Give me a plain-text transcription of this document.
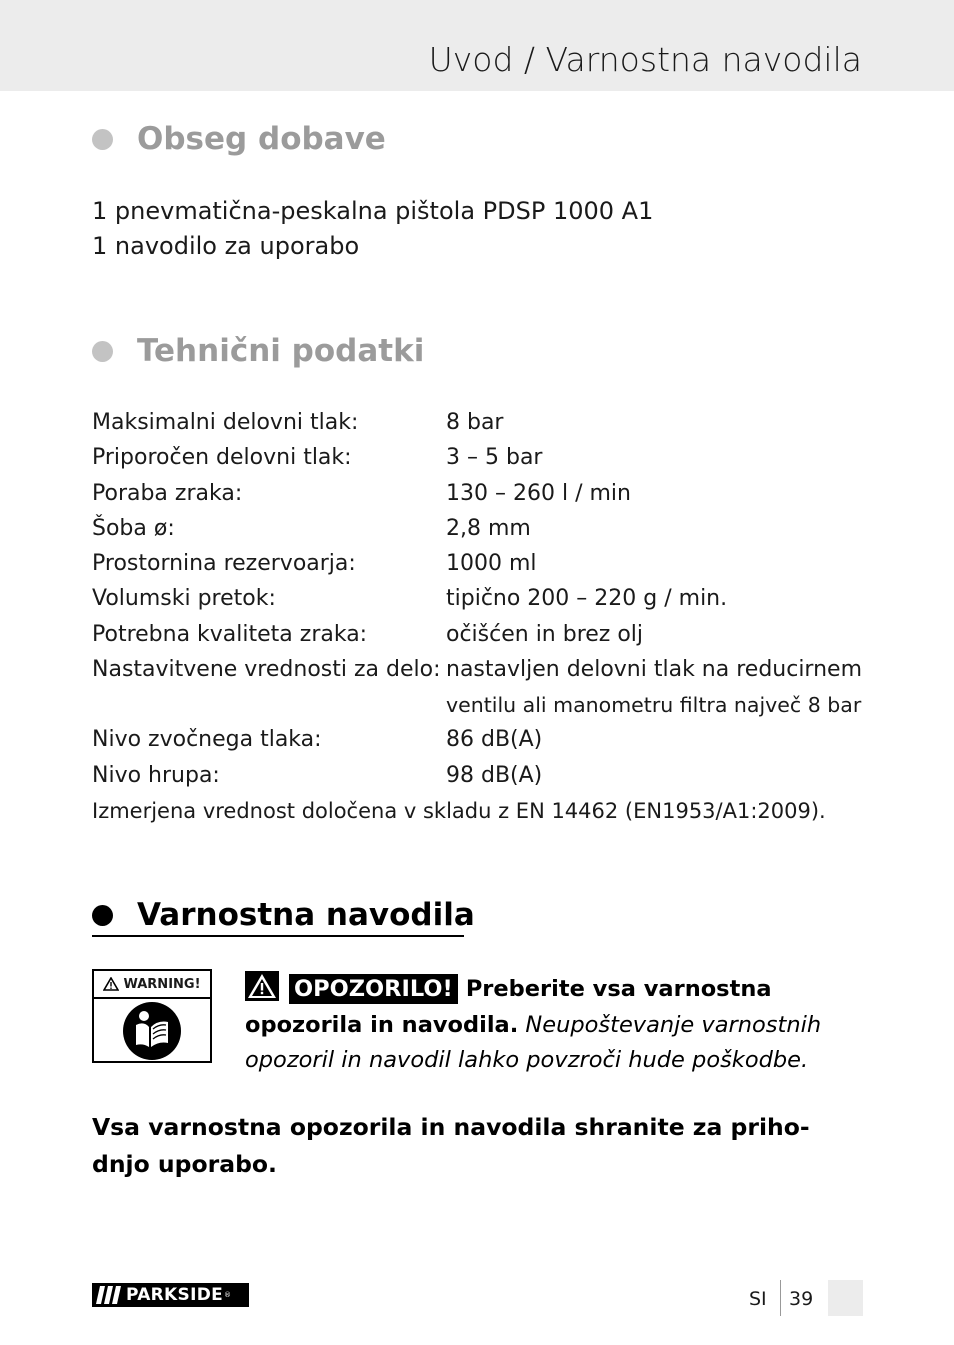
Uvod / Varnostna navodila
Obseg dobave
1 pnevmatična-peskalna pištola PDSP 1000 A1
1 navodilo za uporabo
Tehnični podatki
Maksimalni delovni tlak:	8 bar
Priporočen delovni tlak:	3 – 5 bar
Poraba zraka:	130 – 260 l / min
Šoba ø:	2,8 mm
Prostornina rezervoarja:	1000 ml
Volumski pretok:	tipično 200 – 220 g / min.
Potrebna kvaliteta zraka:	očišćen in brez olj
Nastavitvene vrednosti za delo: nastavljen delovni tlak na reducirnem
ventilu ali manometru filtra največ 8 bar
Nivo zvočnega tlaka:	86 dB(A)
Nivo hrupa:	98 dB(A)
Izmerjena vrednost določena v skladu z EN 14462 (EN1953/A1:2009).
Varnostna navodila
WARNING!	OPOZORILO! Preberite vsa varnostna
opozorila in navodila. Neupoštevanje varnostnih
opozoril in navodil lahko povzroči hude poškodbe.
Vsa varnostna opozorila in navodila shranite za priho-
dnjo uporabo.
PARKSIDE ®	SI 39
